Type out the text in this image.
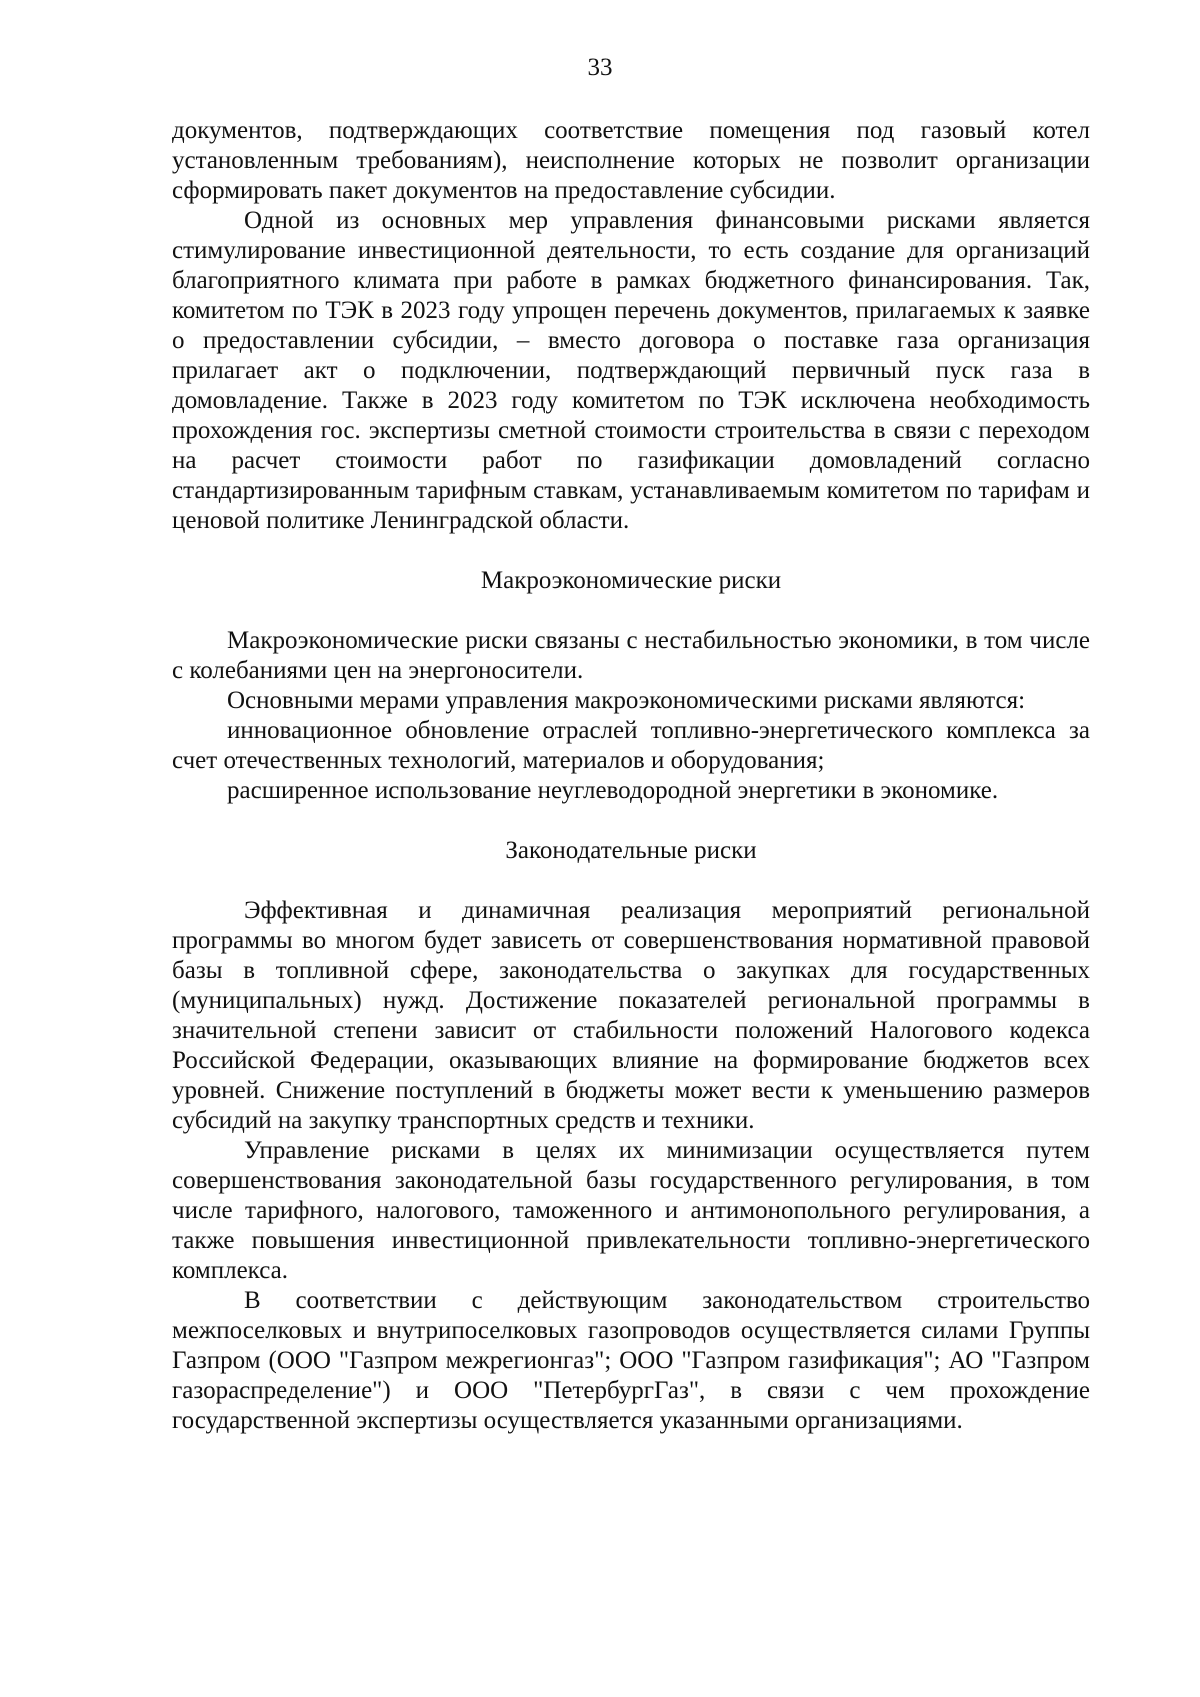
33

документов, подтверждающих соответствие помещения под газовый котел установленным требованиям), неисполнение которых не позволит организации сформировать пакет документов на предоставление субсидии.

Одной из основных мер управления финансовыми рисками является стимулирование инвестиционной деятельности, то есть создание для организаций благоприятного климата при работе в рамках бюджетного финансирования. Так, комитетом по ТЭК в 2023 году упрощен перечень документов, прилагаемых к заявке о предоставлении субсидии, – вместо договора о поставке газа организация прилагает акт о подключении, подтверждающий первичный пуск газа в домовладение. Также в 2023 году комитетом по ТЭК исключена необходимость прохождения гос. экспертизы сметной стоимости строительства в связи с переходом на расчет стоимости работ по газификации домовладений согласно стандартизированным тарифным ставкам, устанавливаемым комитетом по тарифам и ценовой политике Ленинградской области.

Макроэкономические риски

Макроэкономические риски связаны с нестабильностью экономики, в том числе с колебаниями цен на энергоносители.

Основными мерами управления макроэкономическими рисками являются:

инновационное обновление отраслей топливно-энергетического комплекса за счет отечественных технологий, материалов и оборудования;

расширенное использование неуглеводородной энергетики в экономике.

Законодательные риски

Эффективная и динамичная реализация мероприятий региональной программы во многом будет зависеть от совершенствования нормативной правовой базы в топливной сфере, законодательства о закупках для государственных (муниципальных) нужд. Достижение показателей региональной программы в значительной степени зависит от стабильности положений Налогового кодекса Российской Федерации, оказывающих влияние на формирование бюджетов всех уровней. Снижение поступлений в бюджеты может вести к уменьшению размеров субсидий на закупку транспортных средств и техники.

Управление рисками в целях их минимизации осуществляется путем совершенствования законодательной базы государственного регулирования, в том числе тарифного, налогового, таможенного и антимонопольного регулирования, а также повышения инвестиционной привлекательности топливно-энергетического комплекса.

В соответствии с действующим законодательством строительство межпоселковых и внутрипоселковых газопроводов осуществляется силами Группы Газпром (ООО "Газпром межрегионгаз"; ООО "Газпром газификация"; АО "Газпром газораспределение") и ООО "ПетербургГаз", в связи с чем прохождение государственной экспертизы осуществляется указанными организациями.
